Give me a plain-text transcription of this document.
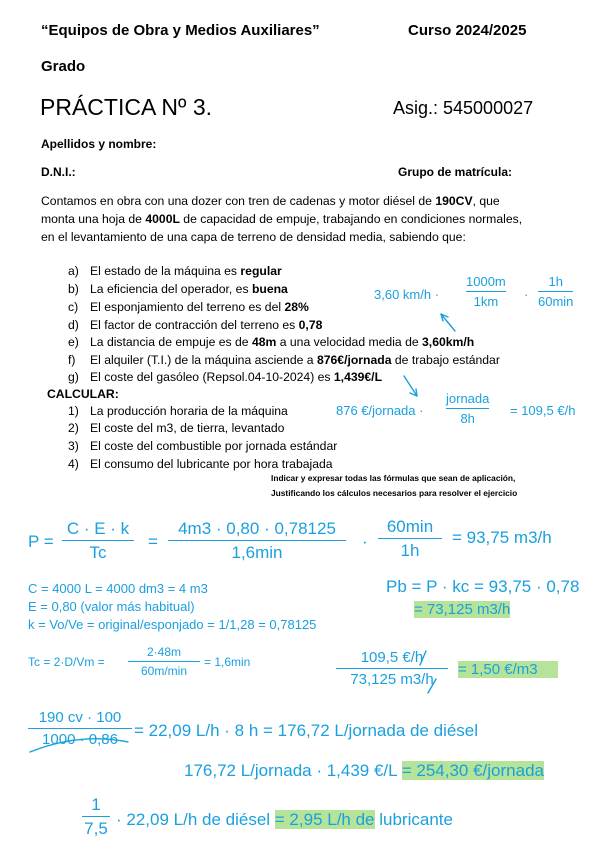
“Equipos de Obra y Medios Auxiliares”	Curso 2024/2025
Grado
PRÁCTICA Nº 3.	Asig.: 545000027
Apellidos y nombre:
D.N.I.:	Grupo de matrícula:
Contamos en obra con una dozer con tren de cadenas y motor diésel de 190CV, que
monta una hoja de 4000L de capacidad de empuje, trabajando en condiciones normales,
en el levantamiento de una capa de terreno de densidad media, sabiendo que:
a) El estado de la máquina es regular
b) La eficiencia del operador, es buena
c) El esponjamiento del terreno es del 28%
d) El factor de contracción del terreno es 0,78
e) La distancia de empuje es de 48m a una velocidad media de 3,60km/h
f) El alquiler (T.I.) de la máquina asciende a 876€/jornada de trabajo estándar
g) El coste del gasóleo (Repsol.04-10-2024) es 1,439€/L
CALCULAR:
1) La producción horaria de la máquina
2) El coste del m3, de tierra, levantado
3) El coste del combustible por jornada estándar
4) El consumo del lubricante por hora trabajada
Indicar y expresar todas las fórmulas que sean de aplicación,
Justificando los cálculos necesarios para resolver el ejercicio
3,60 km/h ·
1000m
1km ·
1h
60min
876 €/jornada ·
jornada
8h
= 109,5 €/h
P =
C · E · k
Tc
=
4m3 · 0,80 · 0,78125
1,6min
·
60min
1h
= 93,75 m3/h
C = 4000 L = 4000 dm3 = 4 m3
E = 0,80 (valor más habitual)
k = Vo/Ve = original/esponjado = 1/1,28 = 0,78125
Pb = P · kc = 93,75 · 0,78
= 73,125 m3/h
Tc = 2·D/Vm =
2·48m
60m/min
= 1,6min	109,5 €/h
73,125 m3/h
= 1,50 €/m3
190 cv · 100
1000 · 0,86 = 22,09 L/h · 8 h = 176,72 L/jornada de diésel
176,72 L/jornada · 1,439 €/L = 254,30 €/jornada
1
7,5 · 22,09 L/h de diésel = 2,95 L/h de lubricante
